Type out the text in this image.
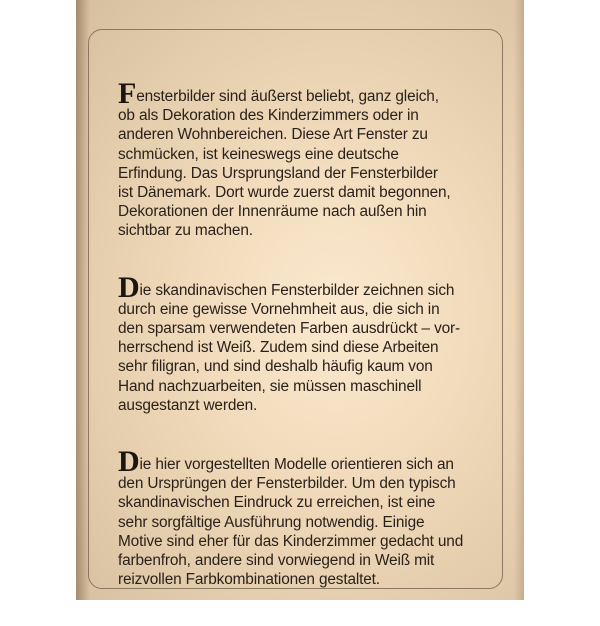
Fensterbilder sind äußerst beliebt, ganz gleich,
ob als Dekoration des Kinderzimmers oder in
anderen Wohnbereichen. Diese Art Fenster zu
schmücken, ist keineswegs eine deutsche
Erfindung. Das Ursprungsland der Fensterbilder
ist Dänemark. Dort wurde zuerst damit begonnen,
Dekorationen der Innenräume nach außen hin
sichtbar zu machen.

Die skandinavischen Fensterbilder zeichnen sich
durch eine gewisse Vornehmheit aus, die sich in
den sparsam verwendeten Farben ausdrückt – vor-
herrschend ist Weiß. Zudem sind diese Arbeiten
sehr filigran, und sind deshalb häufig kaum von
Hand nachzuarbeiten, sie müssen maschinell
ausgestanzt werden.

Die hier vorgestellten Modelle orientieren sich an
den Ursprüngen der Fensterbilder. Um den typisch
skandinavischen Eindruck zu erreichen, ist eine
sehr sorgfältige Ausführung notwendig. Einige
Motive sind eher für das Kinderzimmer gedacht und
farbenfroh, andere sind vorwiegend in Weiß mit
reizvollen Farbkombinationen gestaltet.
